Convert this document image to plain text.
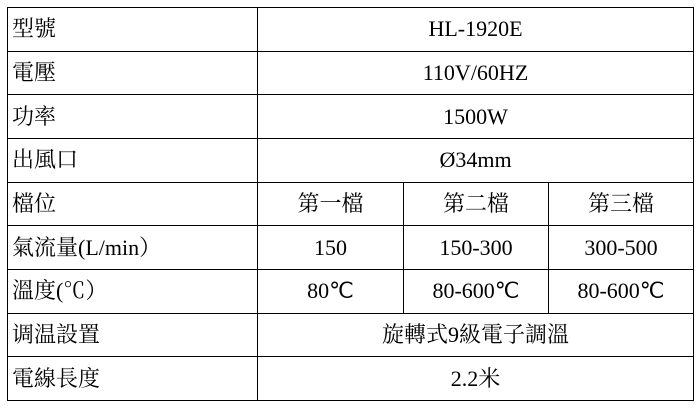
型號	HL-1920E		
電壓	110V/60HZ		
功率	1500W		
出風口	Ø34mm		
檔位	第一檔	第二檔	第三檔
氣流量(L/min）	150	150-300	300-500
溫度(℃）	80℃	80-600℃	80-600℃
调温設置	旋轉式9級電子調溫		
電線長度	2.2米		
